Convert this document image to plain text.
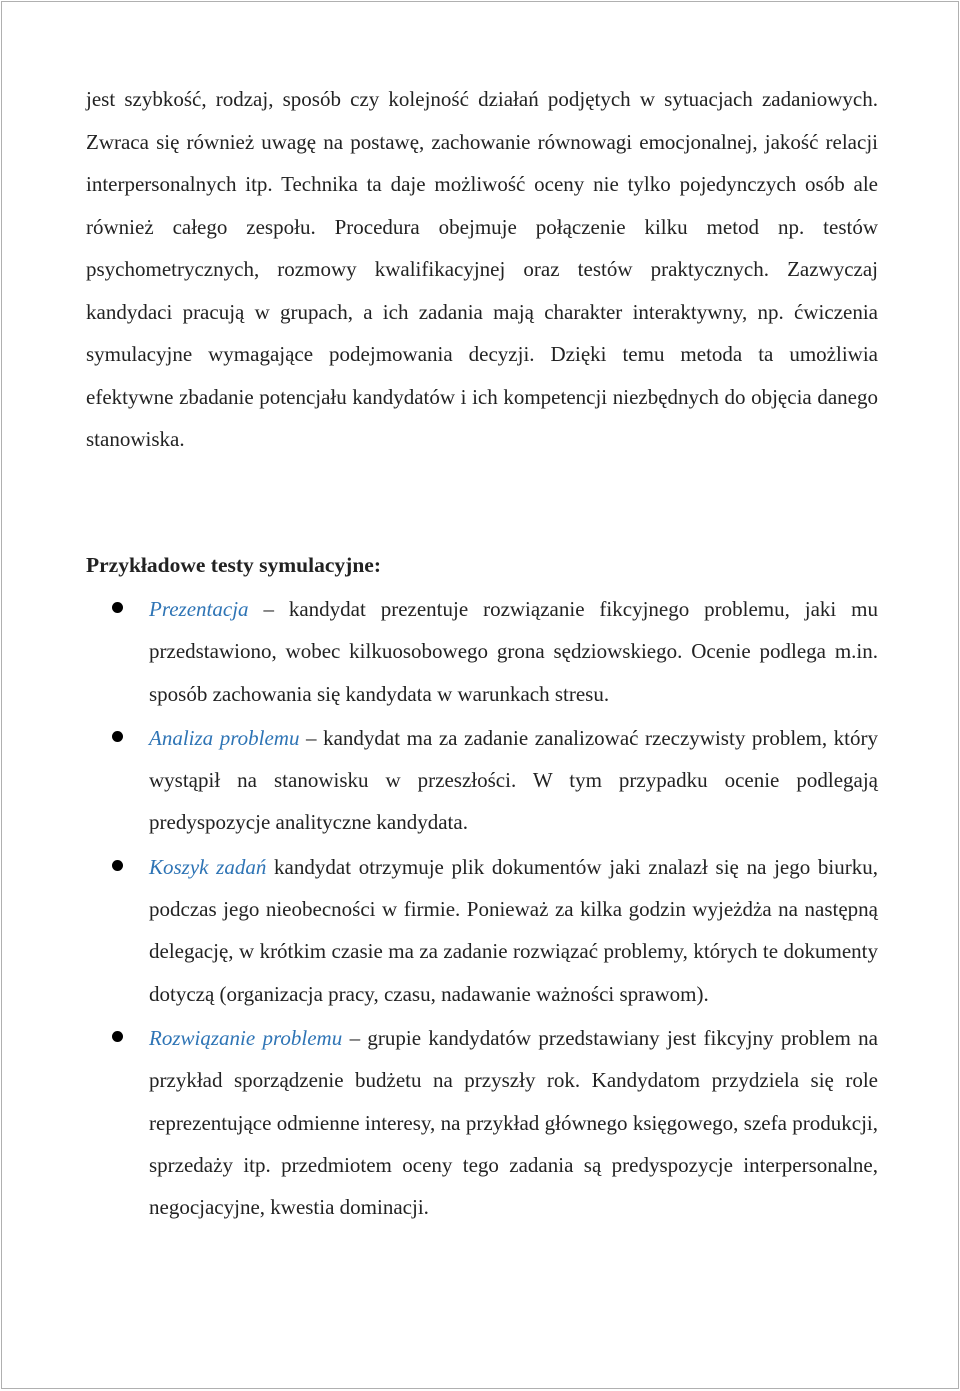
jest szybkość, rodzaj, sposób czy kolejność działań podjętych w sytuacjach zadaniowych. Zwraca się również uwagę na postawę, zachowanie równowagi emocjonalnej, jakość relacji interpersonalnych itp. Technika ta daje możliwość oceny nie tylko pojedynczych osób ale również całego zespołu. Procedura obejmuje połączenie kilku metod np. testów psychometrycznych, rozmowy kwalifikacyjnej oraz testów praktycznych. Zazwyczaj kandydaci pracują w grupach, a ich zadania mają charakter interaktywny, np. ćwiczenia symulacyjne wymagające podejmowania decyzji. Dzięki temu metoda ta umożliwia efektywne zbadanie potencjału kandydatów i ich kompetencji niezbędnych do objęcia danego stanowiska.

Przykładowe testy symulacyjne:
Prezentacja – kandydat prezentuje rozwiązanie fikcyjnego problemu, jaki mu przedstawiono, wobec kilkuosobowego grona sędziowskiego. Ocenie podlega m.in. sposób zachowania się kandydata w warunkach stresu.
Analiza problemu – kandydat ma za zadanie zanalizować rzeczywisty problem, który wystąpił na stanowisku w przeszłości. W tym przypadku ocenie podlegają predyspozycje analityczne kandydata.
Koszyk zadań kandydat otrzymuje plik dokumentów jaki znalazł się na jego biurku, podczas jego nieobecności w firmie. Ponieważ za kilka godzin wyjeżdża na następną delegację, w krótkim czasie ma za zadanie rozwiązać problemy, których te dokumenty dotyczą (organizacja pracy, czasu, nadawanie ważności sprawom).
Rozwiązanie problemu – grupie kandydatów przedstawiany jest fikcyjny problem na przykład sporządzenie budżetu na przyszły rok. Kandydatom przydziela się role reprezentujące odmienne interesy, na przykład głównego księgowego, szefa produkcji, sprzedaży itp. przedmiotem oceny tego zadania są predyspozycje interpersonalne, negocjacyjne, kwestia dominacji.
